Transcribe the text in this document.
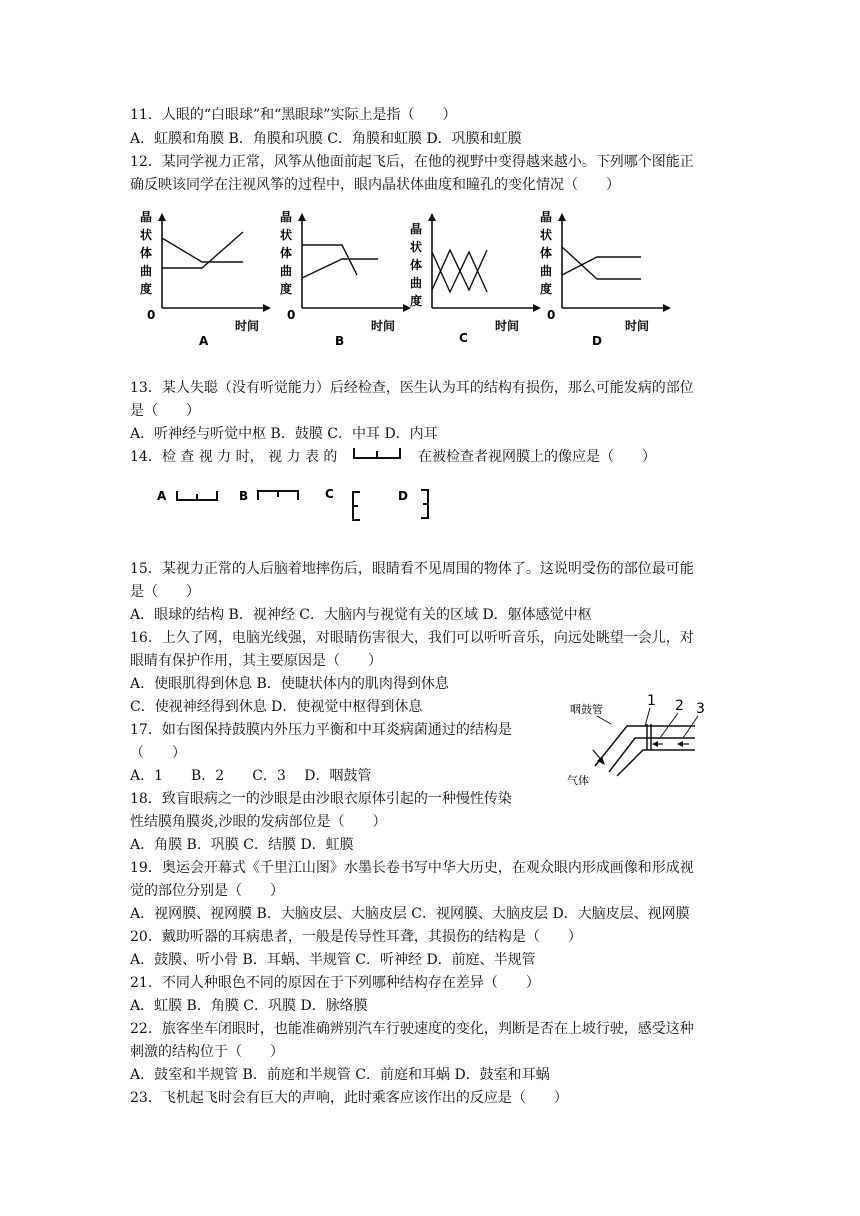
11．人眼的“白眼球”和“黑眼球”实际上是指（　　）
A．虹膜和角膜 B．角膜和巩膜 C．角膜和虹膜 D．巩膜和虹膜
12．某同学视力正常，风筝从他面前起飞后，在他的视野中变得越来越小。下列哪个图能正
确反映该同学在注视风筝的过程中，眼内晶状体曲度和瞳孔的变化情况（　　）
晶
状
体
曲
度
0
时间
A
晶
状
体
曲
度
0
时间
B
晶
状
体
曲
度
时间
C
晶
状
体
曲
度
0
时间
D
13．某人失聪（没有听觉能力）后经检查，医生认为耳的结构有损伤，那么可能发病的部位
是（　　）
A．听神经与听觉中枢 B．鼓膜 C．中耳 D．内耳
14．检 查 视 力 时， 视 力 表 的	在被检查者视网膜上的像应是（　　）
A	B	C	D
15．某视力正常的人后脑着地摔伤后，眼睛看不见周围的物体了。这说明受伤的部位最可能
是（　　）
A．眼球的结构 B．视神经 C．大脑内与视觉有关的区域 D．躯体感觉中枢
16．上久了网，电脑光线强，对眼睛伤害很大，我们可以听听音乐，向远处眺望一会儿，对
眼睛有保护作用，其主要原因是（　　）
A．使眼肌得到休息 B．使睫状体内的肌肉得到休息
C．使视神经得到休息 D．使视觉中枢得到休息
17．如右图保持鼓膜内外压力平衡和中耳炎病菌通过的结构是
（　　）
A．1　　B．2　　C．3　 D．咽鼓管
1 2 3
咽鼓管
气体
18．致盲眼病之一的沙眼是由沙眼衣原体引起的一种慢性传染
性结膜角膜炎,沙眼的发病部位是（　　）
A．角膜 B．巩膜 C．结膜 D．虹膜
19．奥运会开幕式《千里江山图》水墨长卷书写中华大历史，在观众眼内形成画像和形成视
觉的部位分别是（　　）
A．视网膜、视网膜 B．大脑皮层、大脑皮层 C．视网膜、大脑皮层 D．大脑皮层、视网膜
20．戴助听器的耳病患者，一般是传导性耳聋，其损伤的结构是（　　）
A．鼓膜、听小骨 B．耳蜗、半规管 C．听神经 D．前庭、半规管
21．不同人种眼色不同的原因在于下列哪种结构存在差异（　　）
A．虹膜 B．角膜 C．巩膜 D．脉络膜
22．旅客坐车闭眼时，也能准确辨别汽车行驶速度的变化，判断是否在上坡行驶，感受这种
刺激的结构位于（　　）
A．鼓室和半规管 B．前庭和半规管 C．前庭和耳蜗 D．鼓室和耳蜗
23．飞机起飞时会有巨大的声响，此时乘客应该作出的反应是（　　）
